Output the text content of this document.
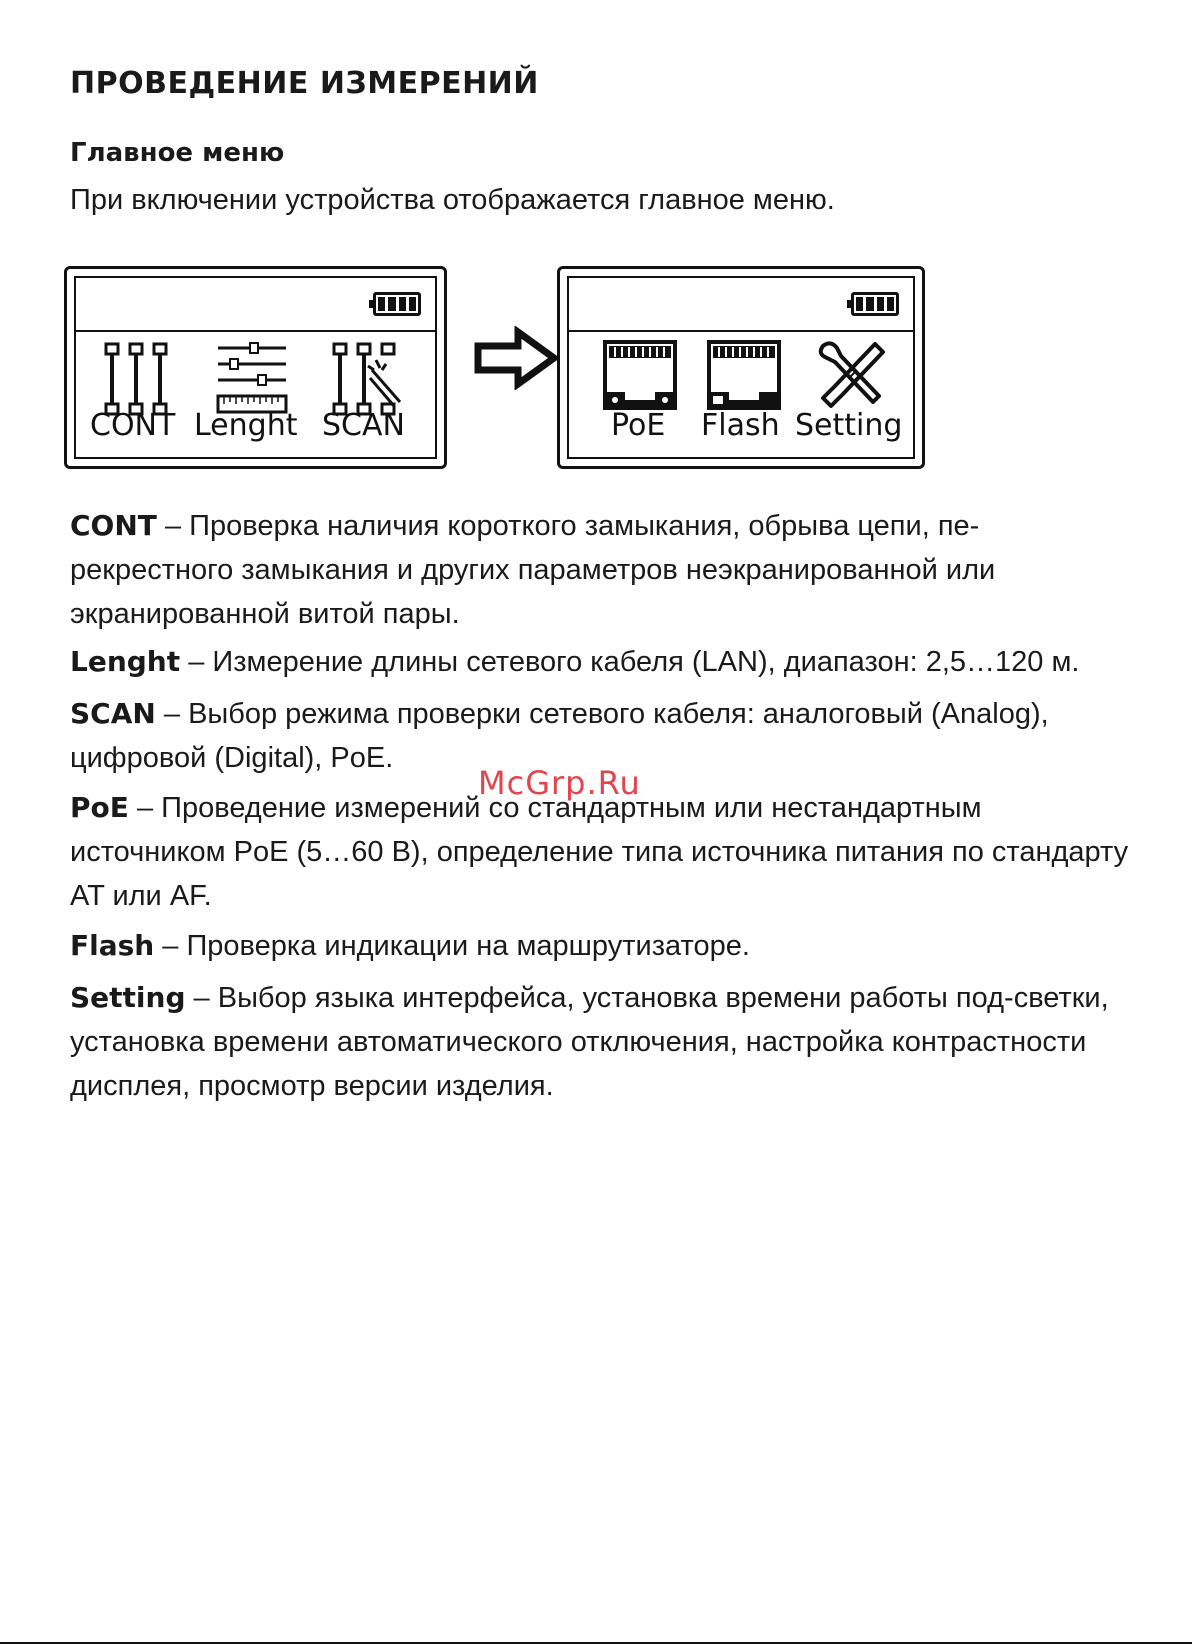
ПРОВЕДЕНИЕ ИЗМЕРЕНИЙ
Главное меню

При включении устройства отображается главное меню.

CONT Lenght SCAN	PoE Flash Setting

CONT – Проверка наличия короткого замыкания, обрыва цепи, пе-рекрестного замыкания и других параметров неэкранированной или экранированной витой пары.

Lenght – Измерение длины сетевого кабеля (LAN), диапазон: 2,5…120 м.

SCAN – Выбор режима проверки сетевого кабеля: аналоговый (Analog), цифровой (Digital), PoE.

PoE – Проведение измерений со стандартным или нестандартным источником PoE (5…60 В), определение типа источника питания по стандарту AT или AF.

Flash – Проверка индикации на маршрутизаторе.

Setting – Выбор языка интерфейса, установка времени работы под-светки, установка времени автоматического отключения, настройка контрастности дисплея, просмотр версии изделия.

McGrp.Ru
